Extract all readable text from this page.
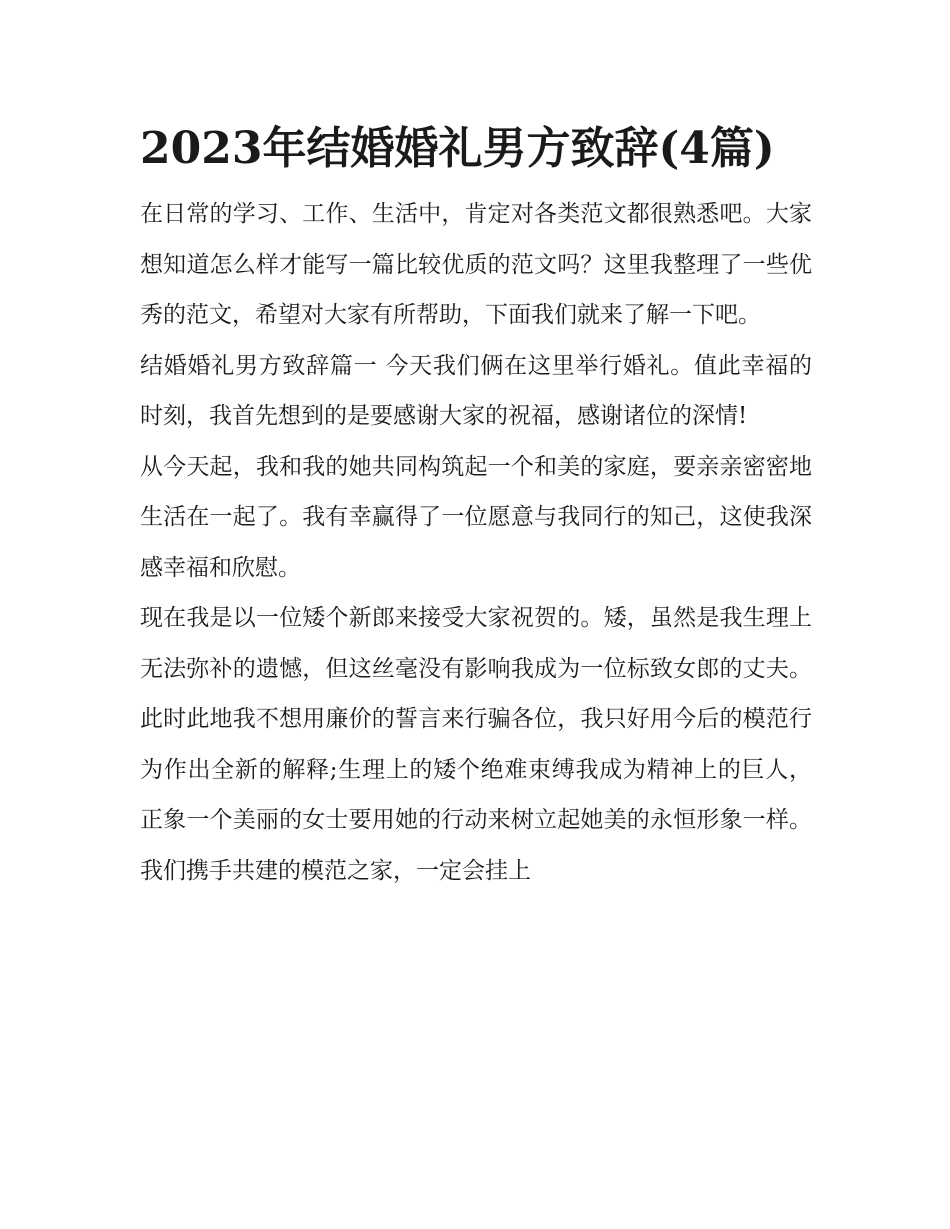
2023年结婚婚礼男方致辞(4篇)

在日常的学习、工作、生活中，肯定对各类范文都很熟悉吧。大家想知道怎么样才能写一篇比较优质的范文吗？这里我整理了一些优秀的范文，希望对大家有所帮助，下面我们就来了解一下吧。

结婚婚礼男方致辞篇一 今天我们俩在这里举行婚礼。值此幸福的时刻，我首先想到的是要感谢大家的祝福，感谢诸位的深情!

从今天起，我和我的她共同构筑起一个和美的家庭，要亲亲密密地生活在一起了。我有幸赢得了一位愿意与我同行的知己，这使我深感幸福和欣慰。

现在我是以一位矮个新郎来接受大家祝贺的。矮，虽然是我生理上无法弥补的遗憾，但这丝毫没有影响我成为一位标致女郎的丈夫。此时此地我不想用廉价的誓言来行骗各位，我只好用今后的模范行为作出全新的解释;生理上的矮个绝难束缚我成为精神上的巨人，正象一个美丽的女士要用她的行动来树立起她美的永恒形象一样。我们携手共建的模范之家，一定会挂上
